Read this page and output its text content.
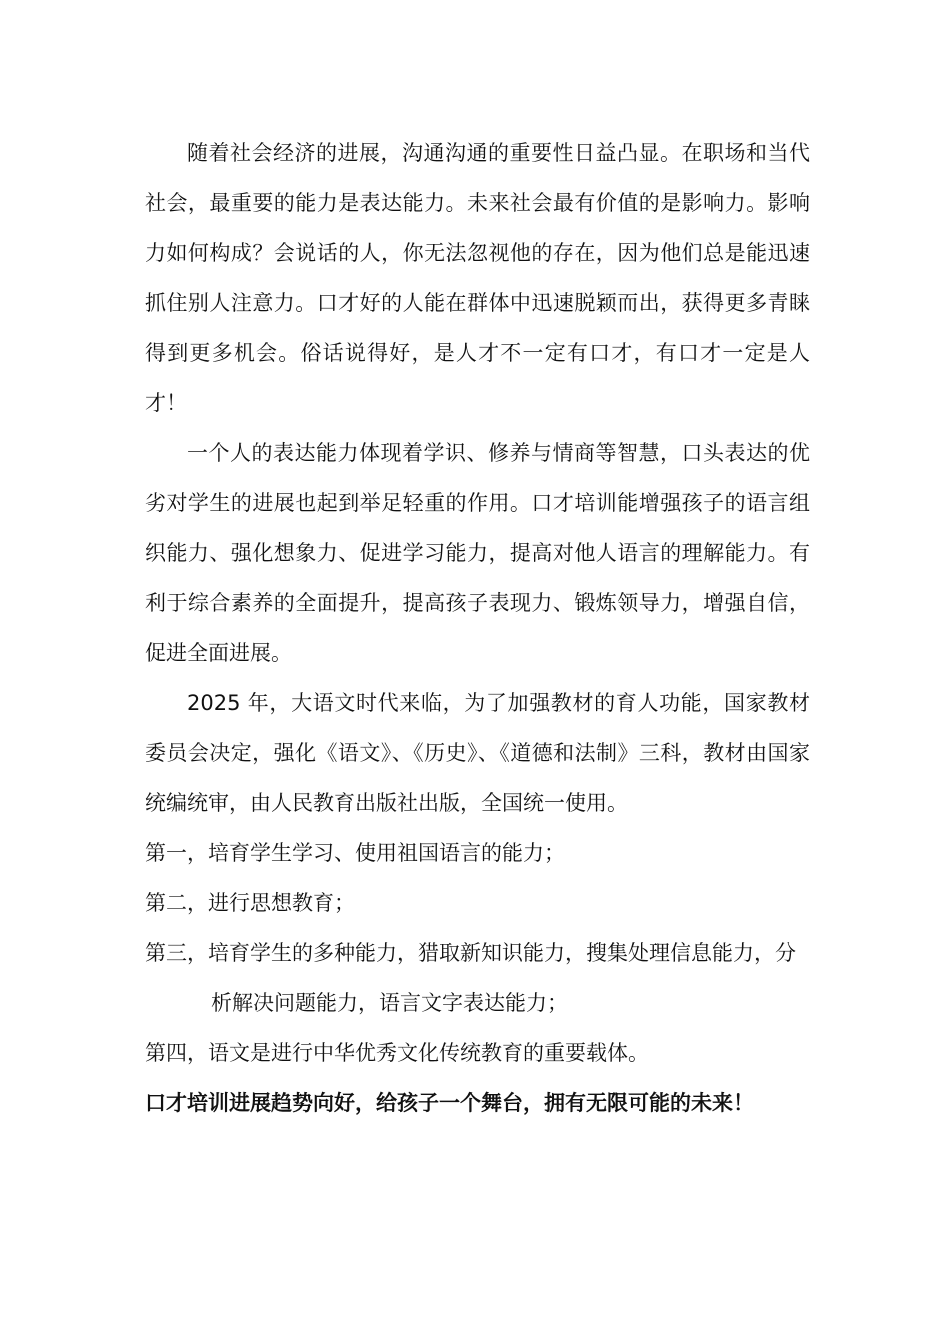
随着社会经济的进展，沟通沟通的重要性日益凸显。在职场和当代社会，最重要的能力是表达能力。未来社会最有价值的是影响力。影响力如何构成？会说话的人，你无法忽视他的存在，因为他们总是能迅速抓住别人注意力。口才好的人能在群体中迅速脱颖而出，获得更多青睐得到更多机会。俗话说得好，是人才不一定有口才，有口才一定是人才！

一个人的表达能力体现着学识、修养与情商等智慧，口头表达的优劣对学生的进展也起到举足轻重的作用。口才培训能增强孩子的语言组织能力、强化想象力、促进学习能力，提高对他人语言的理解能力。有利于综合素养的全面提升，提高孩子表现力、锻炼领导力，增强自信，促进全面进展。

2025 年，大语文时代来临，为了加强教材的育人功能，国家教材委员会决定，强化《语文》、《历史》、《道德和法制》三科，教材由国家统编统审，由人民教育出版社出版，全国统一使用。

第一，培育学生学习、使用祖国语言的能力；

第二，进行思想教育；

第三，培育学生的多种能力，猎取新知识能力，搜集处理信息能力，分析解决问题能力，语言文字表达能力；

第四，语文是进行中华优秀文化传统教育的重要载体。

口才培训进展趋势向好，给孩子一个舞台，拥有无限可能的未来！
